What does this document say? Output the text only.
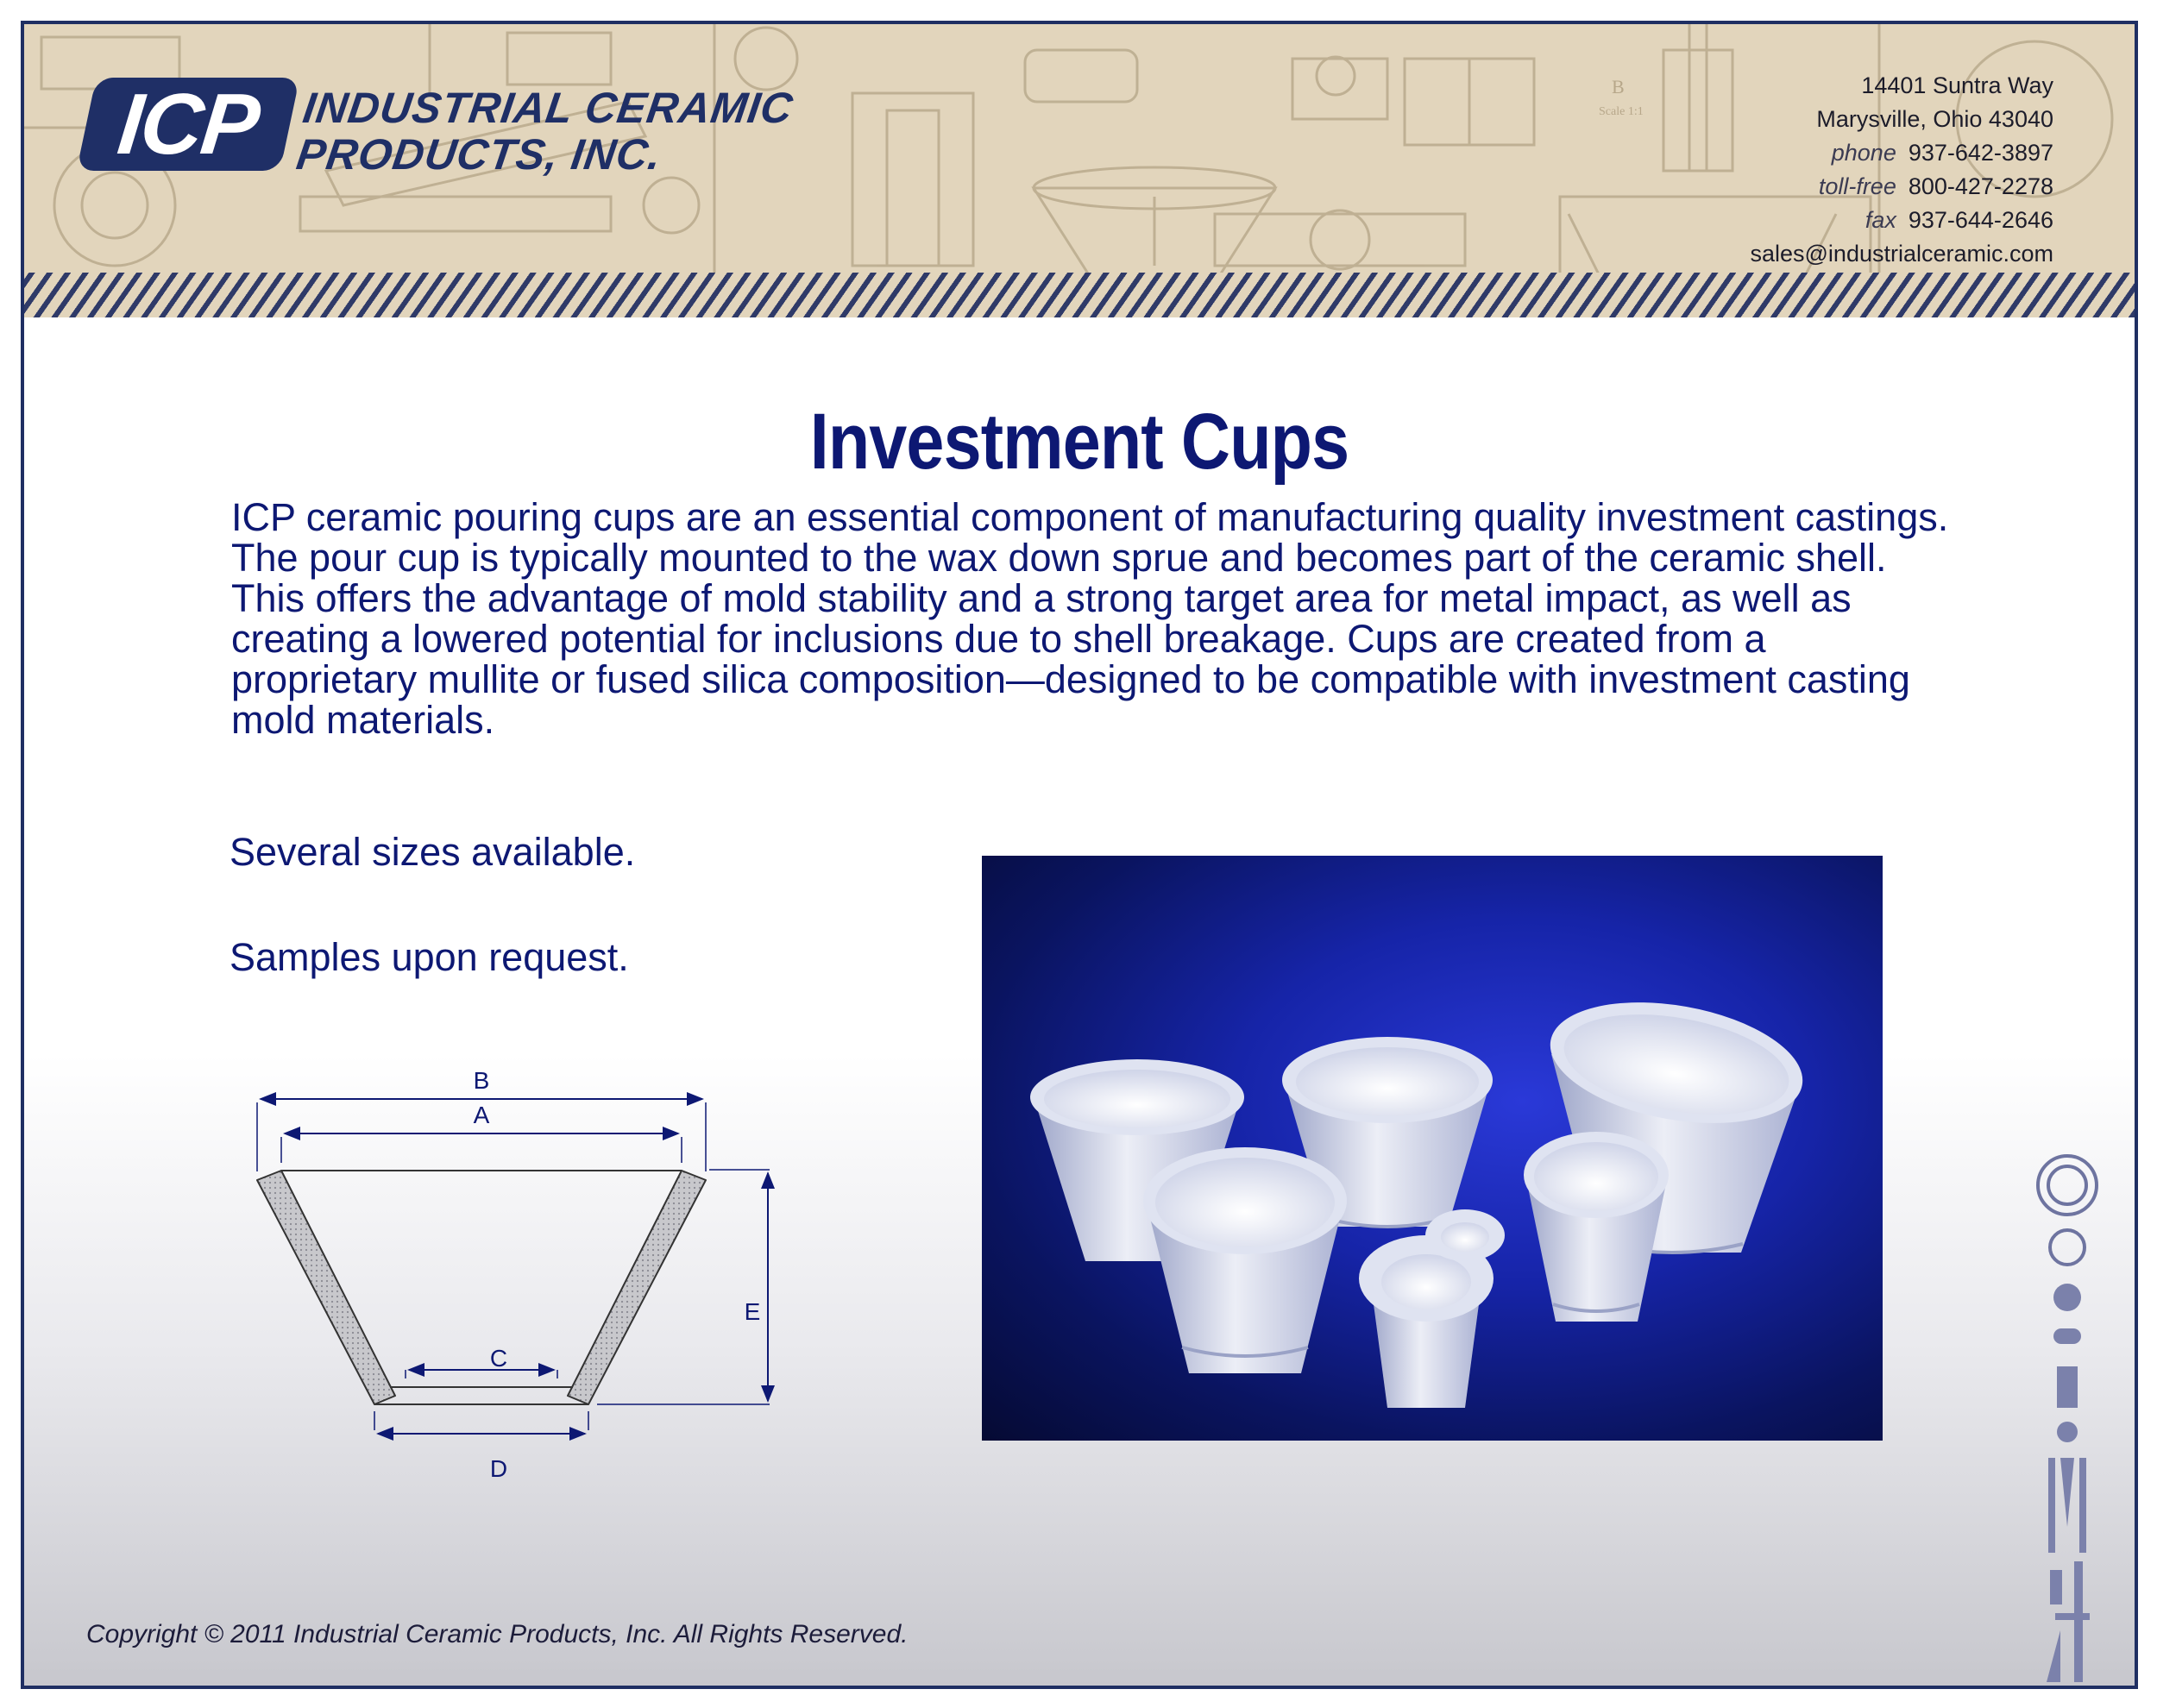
B
Scale 1:1
ICP INDUSTRIAL CERAMIC
PRODUCTS, INC.
14401 Suntra Way
Marysville, Ohio 43040
phone 937-642-3897
toll-free 800-427-2278
fax 937-644-2646
sales@industrialceramic.com
Investment Cups
ICP ceramic pouring cups are an essential component of manufacturing quality investment castings. The pour cup is typically mounted to the wax down sprue and becomes part of the ceramic shell. This offers the advantage of mold stability and a strong target area for metal impact, as well as creating a lowered potential for inclusions due to shell breakage. Cups are created from a proprietary mullite or fused silica composition—designed to be compatible with investment casting mold materials.
Several sizes available.
Samples upon request.
B
A
C
D
E
Copyright © 2011 Industrial Ceramic Products, Inc. All Rights Reserved.
